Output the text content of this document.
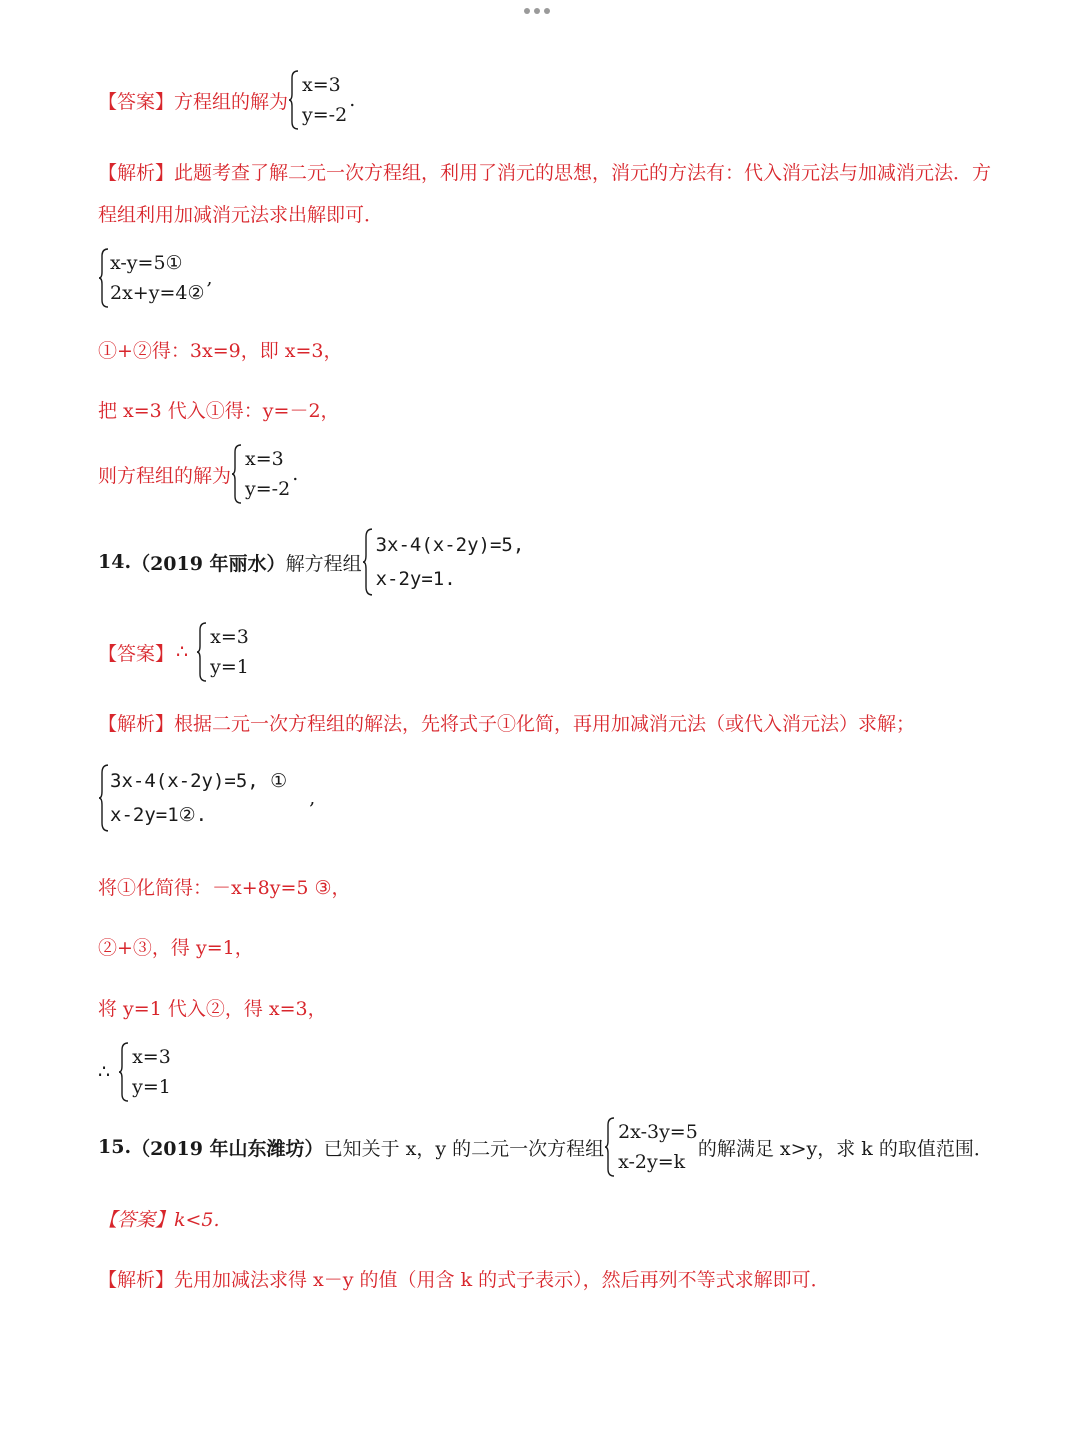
【答案】 方程组的解为
x=3
y=-2
.
【解析】此题考查了解二元一次方程组，利用了消元的思想，消元的方法有：代入消元法与加减消元法．方
程组利用加减消元法求出解即可．
x-y=5①
2x+y=4②
,
①+②得：3x=9，即 x=3，
把 x=3 代入①得：y=－2，
则方程组的解为
x=3
y=-2
.
14. （2019 年丽水） 解方程组
3x-4(x-2y)=5,
x-2y=1.
【答案】 ∴
x=3
y=1
【解析】根据二元一次方程组的解法，先将式子①化简，再用加减消元法（或代入消元法）求解；
3x-4(x-2y)=5, ①
x-2y=1②.
,
将①化简得：－x+8y=5 ③，
②+③，得 y=1，
将 y=1 代入②，得 x=3，
∴
x=3
y=1
15. （2019 年山东潍坊） 已知关于 x，y 的二元一次方程组
2x-3y=5
x-2y=k
的解满足 x>y，求 k 的取值范围．
【答案】k<5.
【解析】先用加减法求得 x－y 的值（用含 k 的式子表示），然后再列不等式求解即可．
